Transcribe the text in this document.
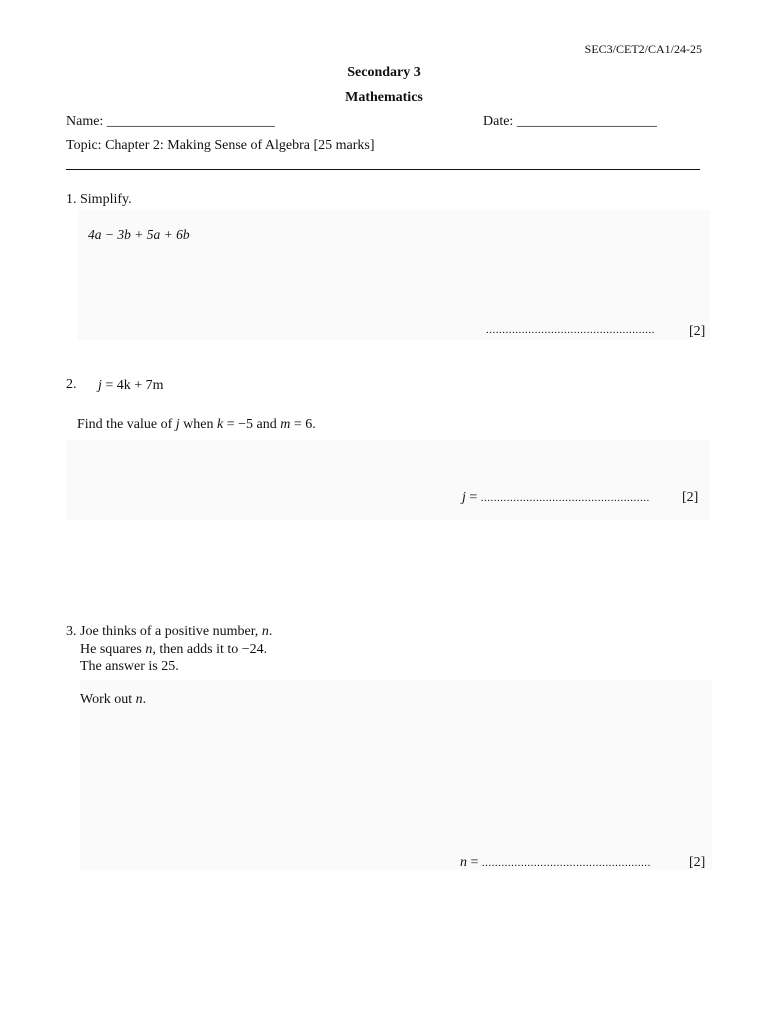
SEC3/CET2/CA1/24-25
Secondary 3
Mathematics
Name: ________________________	Date: ____________________
Topic: Chapter 2: Making Sense of Algebra [25 marks]
1. Simplify.
4a − 3b + 5a + 6b
.................................................... [2]
2. j = 4k + 7m
Find the value of j when k = −5 and m = 6.
j = .................................................... [2]
3. Joe thinks of a positive number, n.
He squares n, then adds it to −24.
The answer is 25.
Work out n.
n = ....................................................	[2]
